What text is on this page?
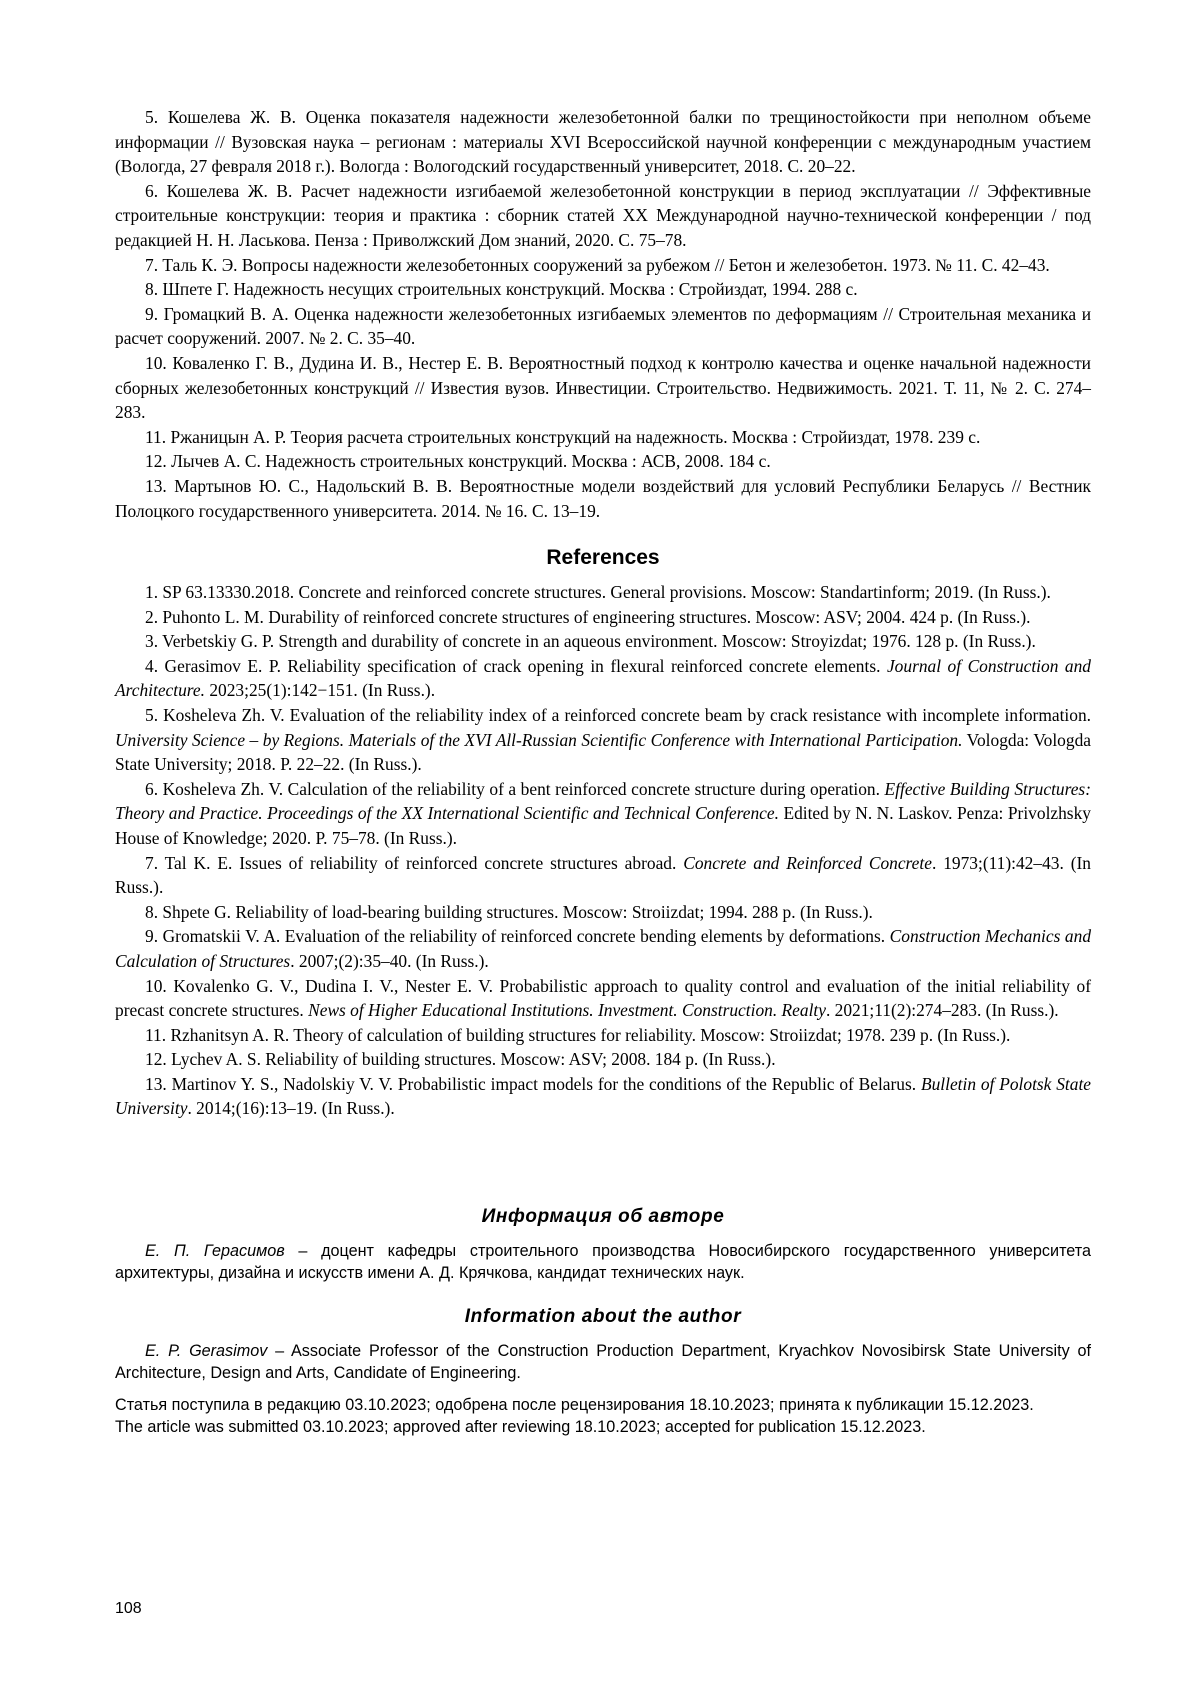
5. Кошелева Ж. В. Оценка показателя надежности железобетонной балки по трещиностойкости при неполном объеме информации // Вузовская наука – регионам : материалы XVI Всероссийской научной конференции с международным участием (Вологда, 27 февраля 2018 г.). Вологда : Вологодский государственный университет, 2018. С. 20–22.

6. Кошелева Ж. В. Расчет надежности изгибаемой железобетонной конструкции в период эксплуатации // Эффективные строительные конструкции: теория и практика : сборник статей XX Международной научно-технической конференции / под редакцией Н. Н. Ласькова. Пенза : Приволжский Дом знаний, 2020. С. 75–78.

7. Таль К. Э. Вопросы надежности железобетонных сооружений за рубежом // Бетон и железобетон. 1973. № 11. С. 42–43.

8. Шпете Г. Надежность несущих строительных конструкций. Москва : Стройиздат, 1994. 288 с.

9. Громацкий В. А. Оценка надежности железобетонных изгибаемых элементов по деформациям // Строительная механика и расчет сооружений. 2007. № 2. С. 35–40.

10. Коваленко Г. В., Дудина И. В., Нестер Е. В. Вероятностный подход к контролю качества и оценке начальной надежности сборных железобетонных конструкций // Известия вузов. Инвестиции. Строительство. Недвижимость. 2021. Т. 11, № 2. С. 274–283.

11. Ржаницын А. Р. Теория расчета строительных конструкций на надежность. Москва : Стройиздат, 1978. 239 с.

12. Лычев А. С. Надежность строительных конструкций. Москва : АСВ, 2008. 184 с.

13. Мартынов Ю. С., Надольский В. В. Вероятностные модели воздействий для условий Республики Беларусь // Вестник Полоцкого государственного университета. 2014. № 16. С. 13–19.

References

1. SP 63.13330.2018. Concrete and reinforced concrete structures. General provisions. Moscow: Standartinform; 2019. (In Russ.).

2. Puhonto L. M. Durability of reinforced concrete structures of engineering structures. Moscow: ASV; 2004. 424 p. (In Russ.).

3. Verbetskiy G. P. Strength and durability of concrete in an aqueous environment. Moscow: Stroyizdat; 1976. 128 p. (In Russ.).

4. Gerasimov E. P. Reliability specification of crack opening in flexural reinforced concrete elements. Journal of Construction and Architecture. 2023;25(1):142−151. (In Russ.).

5. Kosheleva Zh. V. Evaluation of the reliability index of a reinforced concrete beam by crack resistance with incomplete information. University Science – by Regions. Materials of the XVI All-Russian Scientific Conference with International Participation. Vologda: Vologda State University; 2018. P. 22–22. (In Russ.).

6. Kosheleva Zh. V. Calculation of the reliability of a bent reinforced concrete structure during operation. Effective Building Structures: Theory and Practice. Proceedings of the XX International Scientific and Technical Conference. Edited by N. N. Laskov. Penza: Privolzhsky House of Knowledge; 2020. P. 75–78. (In Russ.).

7. Tal K. E. Issues of reliability of reinforced concrete structures abroad. Concrete and Reinforced Concrete. 1973;(11):42–43. (In Russ.).

8. Shpete G. Reliability of load-bearing building structures. Moscow: Stroiizdat; 1994. 288 p. (In Russ.).

9. Gromatskii V. A. Evaluation of the reliability of reinforced concrete bending elements by deformations. Construction Mechanics and Calculation of Structures. 2007;(2):35–40. (In Russ.).

10. Kovalenko G. V., Dudina I. V., Nester E. V. Probabilistic approach to quality control and evaluation of the initial reliability of precast concrete structures. News of Higher Educational Institutions. Investment. Construction. Realty. 2021;11(2):274–283. (In Russ.).

11. Rzhanitsyn A. R. Theory of calculation of building structures for reliability. Moscow: Stroiizdat; 1978. 239 p. (In Russ.).

12. Lychev A. S. Reliability of building structures. Moscow: ASV; 2008. 184 p. (In Russ.).

13. Martinov Y. S., Nadolskiy V. V. Probabilistic impact models for the conditions of the Republic of Belarus. Bulletin of Polotsk State University. 2014;(16):13–19. (In Russ.).

Информация об авторе

Е. П. Герасимов – доцент кафедры строительного производства Новосибирского государственного университета архитектуры, дизайна и искусств имени А. Д. Крячкова, кандидат технических наук.

Information about the author

E. P. Gerasimov – Associate Professor of the Construction Production Department, Kryachkov Novosibirsk State University of Architecture, Design and Arts, Candidate of Engineering.

Статья поступила в редакцию 03.10.2023; одобрена после рецензирования 18.10.2023; принята к публикации 15.12.2023.

The article was submitted 03.10.2023; approved after reviewing 18.10.2023; accepted for publication 15.12.2023.

108
